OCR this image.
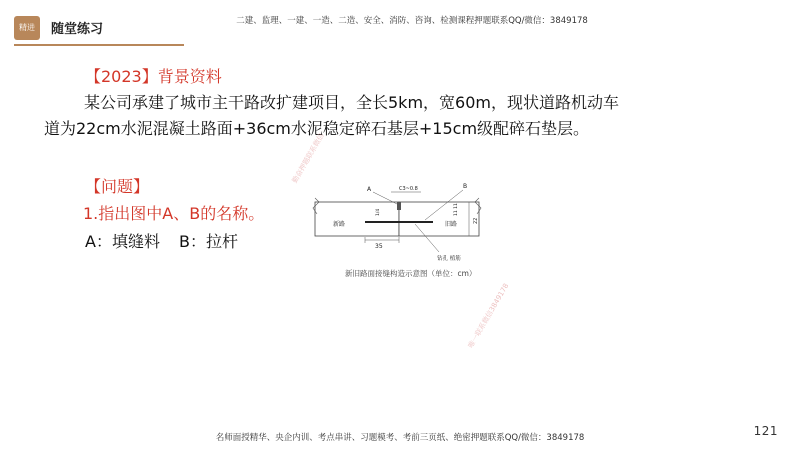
精进	随堂练习
二建、监理、一建、一造、二造、安全、消防、咨询、检测课程押题联系QQ/微信：3849178
【2023】背景资料
某公司承建了城市主干路改扩建项目，全长5km，宽60m，现状道路机动车
道为22cm水泥混凝土路面+36cm水泥稳定碎石基层+15cm级配碎石垫层。
【问题】
1.指出图中A、B的名称。
A：填缝料 B：拉杆
A	B
C3~0.8
新路	旧路
35
钻孔 植筋
11 11
22
1/4
新旧路面接缝构造示意图（单位：cm）
勤奋押题联系微信
唯一联系微信3849178
名师面授精华、央企内训、考点串讲、习题模考、考前三页纸、绝密押题联系QQ/微信：3849178	121
